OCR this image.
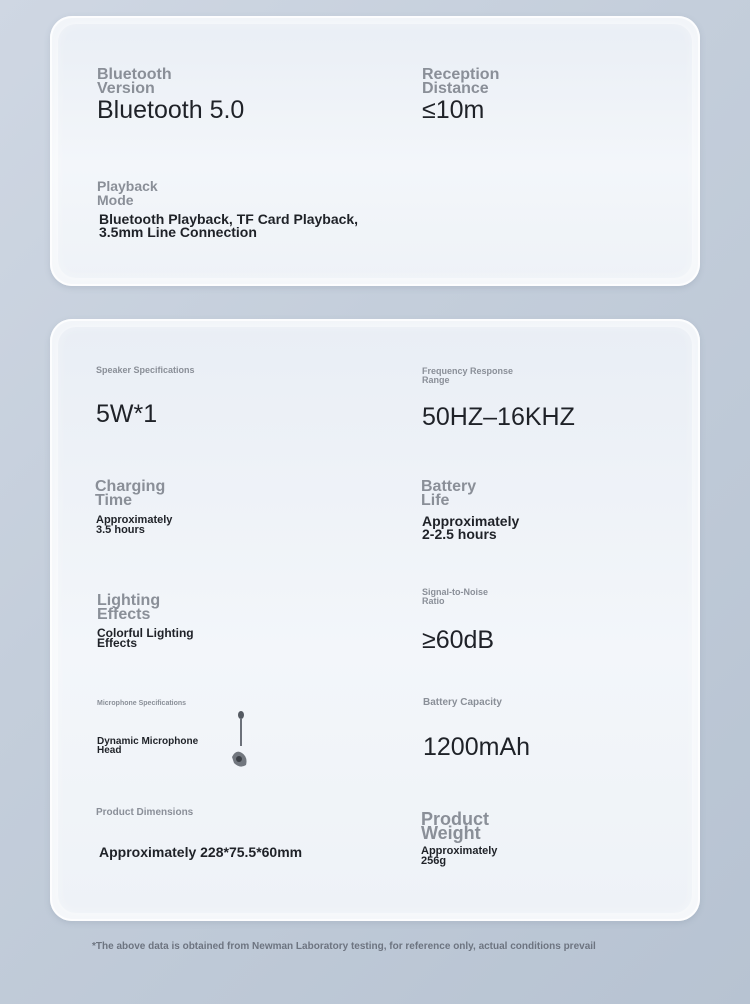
Bluetooth
Version
Bluetooth 5.0
Reception
Distance
≤10m
Playback
Mode
Bluetooth Playback, TF Card Playback,
3.5mm Line Connection
Speaker Specifications
5W*1
Frequency Response
Range
50HZ–16KHZ
Charging
Time
Approximately
3.5 hours
Battery
Life
Approximately
2-2.5 hours
Lighting
Effects
Colorful Lighting
Effects
Signal-to-Noise
Ratio
≥60dB
Microphone Specifications
Dynamic Microphone
Head
Battery Capacity
1200mAh
Product Dimensions
Approximately 228*75.5*60mm
Product
Weight
Approximately
256g
*The above data is obtained from Newman Laboratory testing, for reference only, actual conditions prevail
